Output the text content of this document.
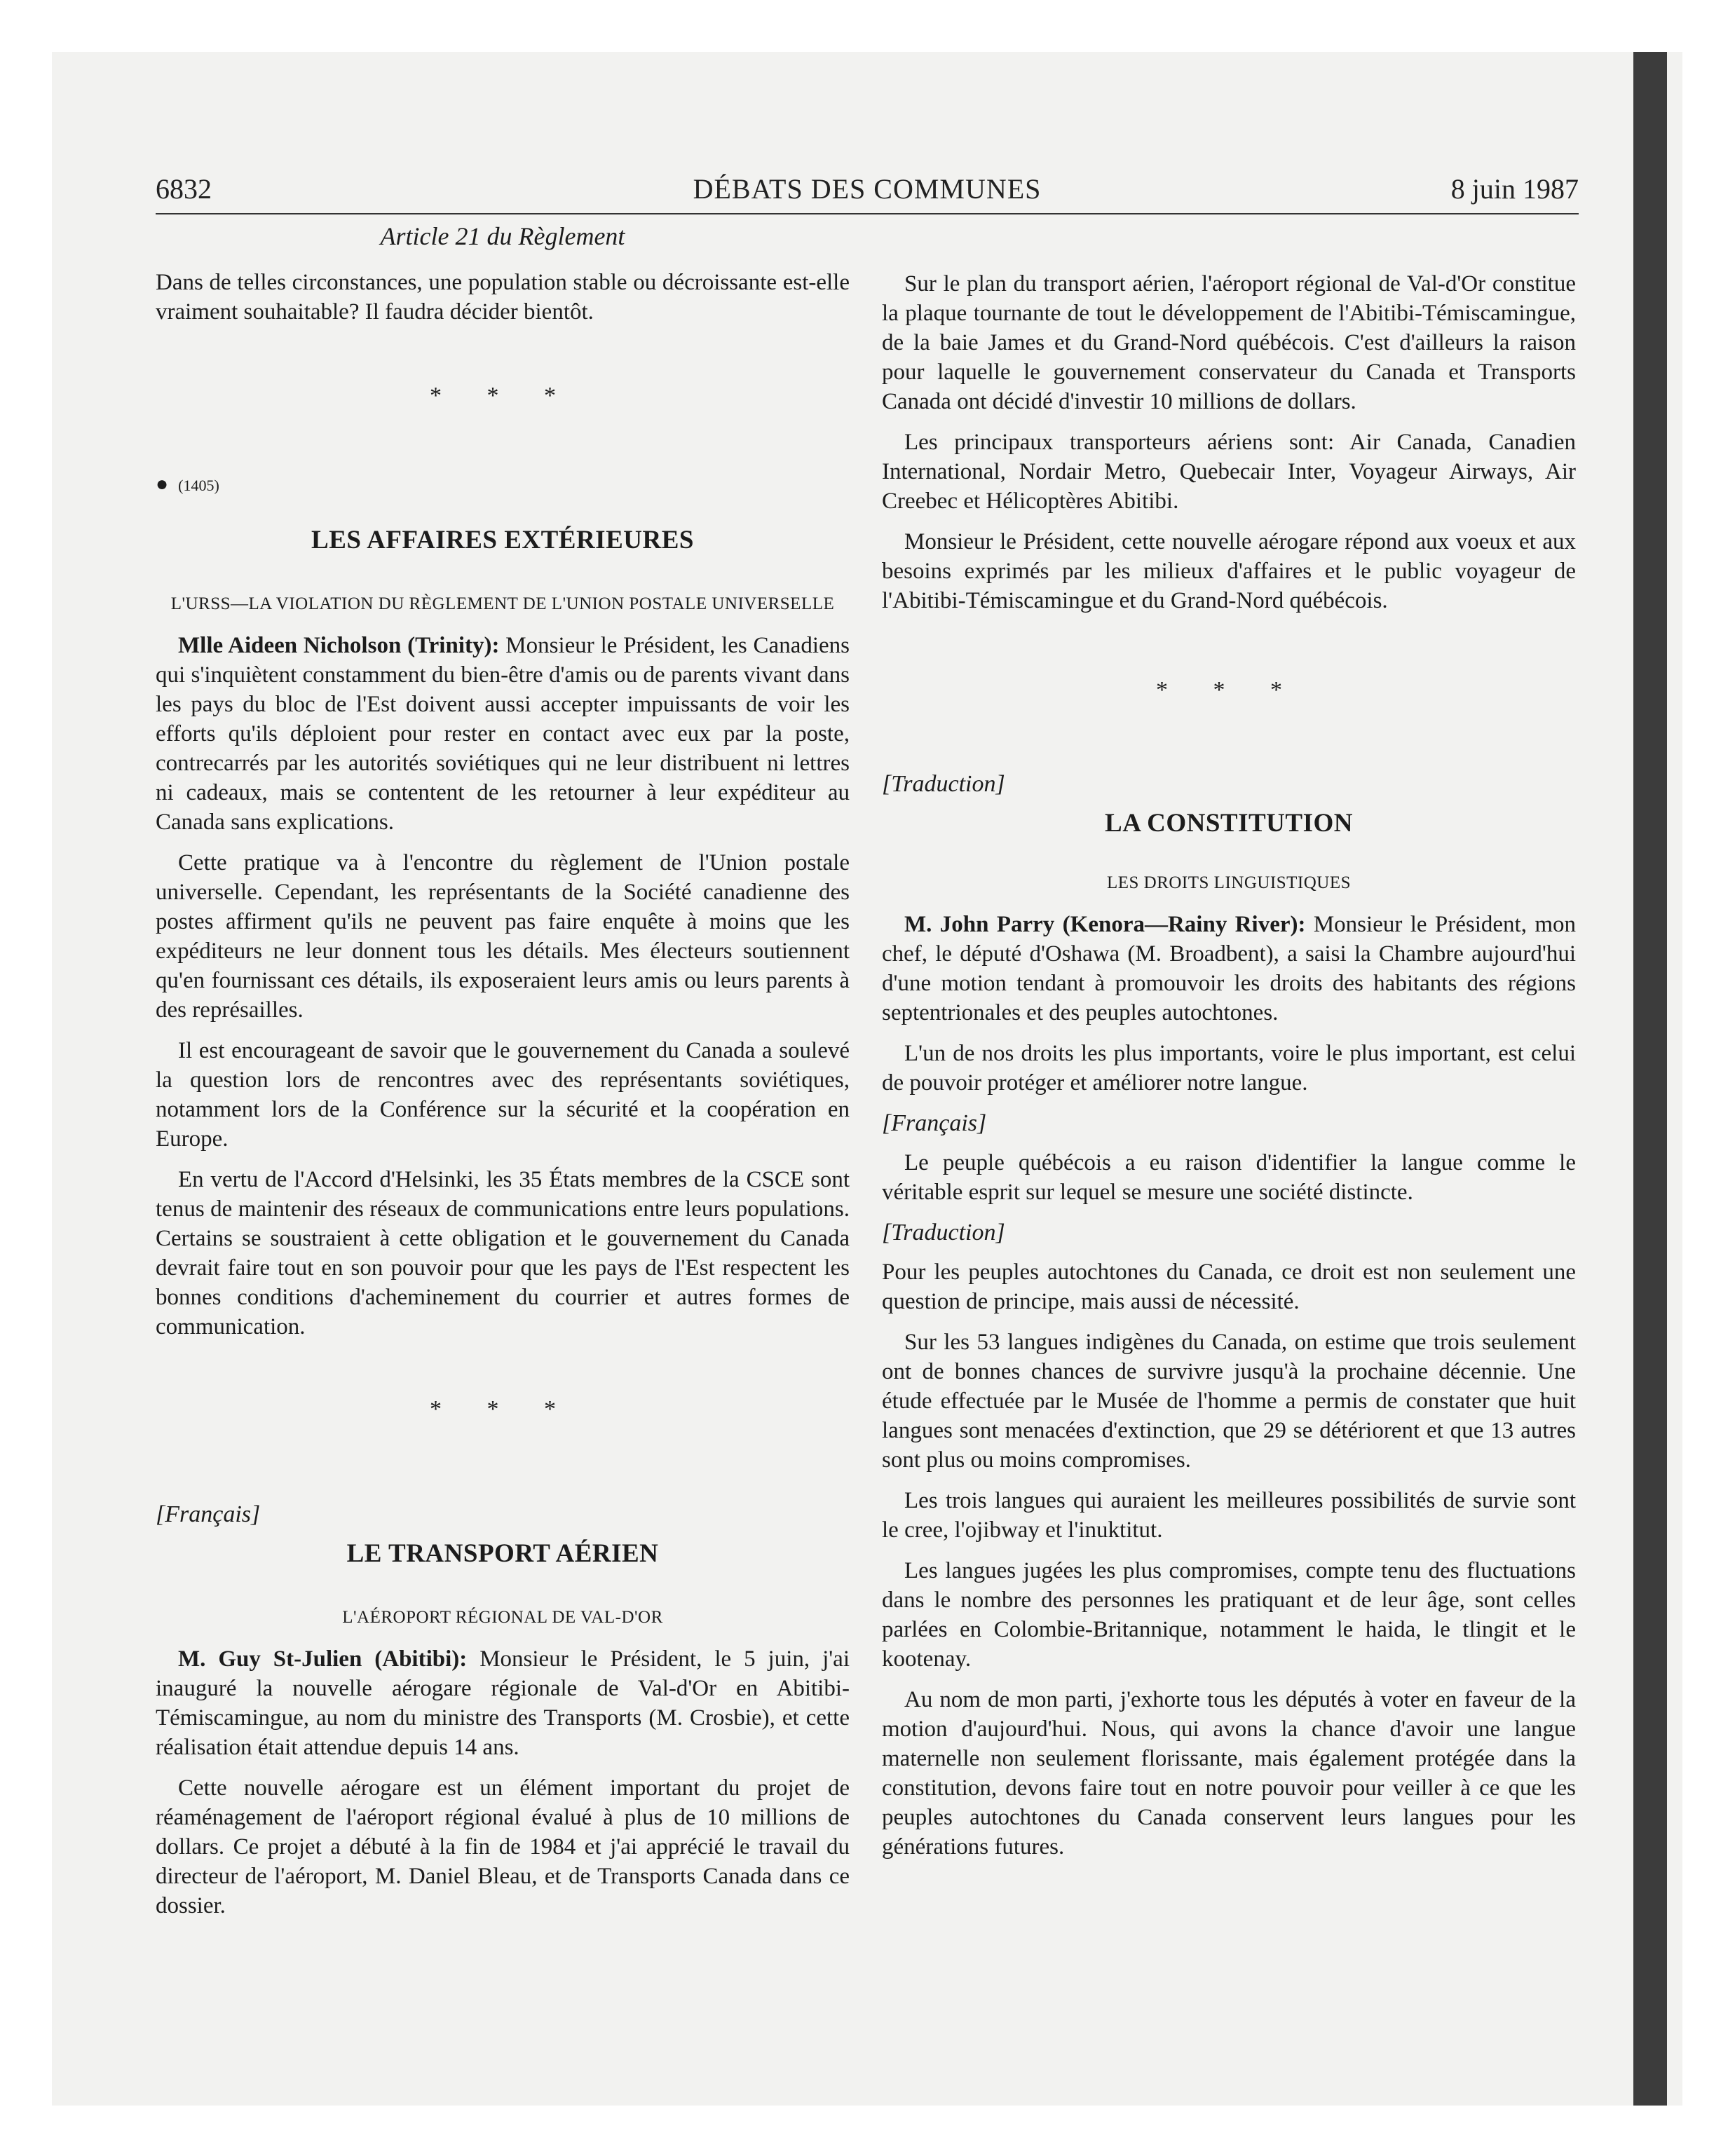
6832	DÉBATS DES COMMUNES	8 juin 1987
Article 21 du Règlement

Dans de telles circonstances, une population stable ou décroissante est-elle vraiment souhaitable? Il faudra décider bientôt.

* * *
● (1405)
LES AFFAIRES EXTÉRIEURES
L'URSS—LA VIOLATION DU RÈGLEMENT DE L'UNION POSTALE UNIVERSELLE

Mlle Aideen Nicholson (Trinity): Monsieur le Président, les Canadiens qui s'inquiètent constamment du bien-être d'amis ou de parents vivant dans les pays du bloc de l'Est doivent aussi accepter impuissants de voir les efforts qu'ils déploient pour rester en contact avec eux par la poste, contrecarrés par les autorités soviétiques qui ne leur distribuent ni lettres ni cadeaux, mais se contentent de les retourner à leur expéditeur au Canada sans explications.

Cette pratique va à l'encontre du règlement de l'Union postale universelle. Cependant, les représentants de la Société canadienne des postes affirment qu'ils ne peuvent pas faire enquête à moins que les expéditeurs ne leur donnent tous les détails. Mes électeurs soutiennent qu'en fournissant ces détails, ils exposeraient leurs amis ou leurs parents à des représailles.

Il est encourageant de savoir que le gouvernement du Canada a soulevé la question lors de rencontres avec des représentants soviétiques, notamment lors de la Conférence sur la sécurité et la coopération en Europe.

En vertu de l'Accord d'Helsinki, les 35 États membres de la CSCE sont tenus de maintenir des réseaux de communications entre leurs populations. Certains se soustraient à cette obligation et le gouvernement du Canada devrait faire tout en son pouvoir pour que les pays de l'Est respectent les bonnes conditions d'acheminement du courrier et autres formes de communication.

* * *
[Français]
LE TRANSPORT AÉRIEN
L'AÉROPORT RÉGIONAL DE VAL-D'OR

M. Guy St-Julien (Abitibi): Monsieur le Président, le 5 juin, j'ai inauguré la nouvelle aérogare régionale de Val-d'Or en Abitibi-Témiscamingue, au nom du ministre des Transports (M. Crosbie), et cette réalisation était attendue depuis 14 ans.

Cette nouvelle aérogare est un élément important du projet de réaménagement de l'aéroport régional évalué à plus de 10 millions de dollars. Ce projet a débuté à la fin de 1984 et j'ai apprécié le travail du directeur de l'aéroport, M. Daniel Bleau, et de Transports Canada dans ce dossier.

Sur le plan du transport aérien, l'aéroport régional de Val-d'Or constitue la plaque tournante de tout le développement de l'Abitibi-Témiscamingue, de la baie James et du Grand-Nord québécois. C'est d'ailleurs la raison pour laquelle le gouvernement conservateur du Canada et Transports Canada ont décidé d'investir 10 millions de dollars.

Les principaux transporteurs aériens sont: Air Canada, Canadien International, Nordair Metro, Quebecair Inter, Voyageur Airways, Air Creebec et Hélicoptères Abitibi.

Monsieur le Président, cette nouvelle aérogare répond aux voeux et aux besoins exprimés par les milieux d'affaires et le public voyageur de l'Abitibi-Témiscamingue et du Grand-Nord québécois.

* * *
[Traduction]
LA CONSTITUTION
LES DROITS LINGUISTIQUES

M. John Parry (Kenora—Rainy River): Monsieur le Président, mon chef, le député d'Oshawa (M. Broadbent), a saisi la Chambre aujourd'hui d'une motion tendant à promouvoir les droits des habitants des régions septentrionales et des peuples autochtones.

L'un de nos droits les plus importants, voire le plus important, est celui de pouvoir protéger et améliorer notre langue.

[Français]

Le peuple québécois a eu raison d'identifier la langue comme le véritable esprit sur lequel se mesure une société distincte.

[Traduction]

Pour les peuples autochtones du Canada, ce droit est non seulement une question de principe, mais aussi de nécessité.

Sur les 53 langues indigènes du Canada, on estime que trois seulement ont de bonnes chances de survivre jusqu'à la prochaine décennie. Une étude effectuée par le Musée de l'homme a permis de constater que huit langues sont menacées d'extinction, que 29 se détériorent et que 13 autres sont plus ou moins compromises.

Les trois langues qui auraient les meilleures possibilités de survie sont le cree, l'ojibway et l'inuktitut.

Les langues jugées les plus compromises, compte tenu des fluctuations dans le nombre des personnes les pratiquant et de leur âge, sont celles parlées en Colombie-Britannique, notamment le haida, le tlingit et le kootenay.

Au nom de mon parti, j'exhorte tous les députés à voter en faveur de la motion d'aujourd'hui. Nous, qui avons la chance d'avoir une langue maternelle non seulement florissante, mais également protégée dans la constitution, devons faire tout en notre pouvoir pour veiller à ce que les peuples autochtones du Canada conservent leurs langues pour les générations futures.
